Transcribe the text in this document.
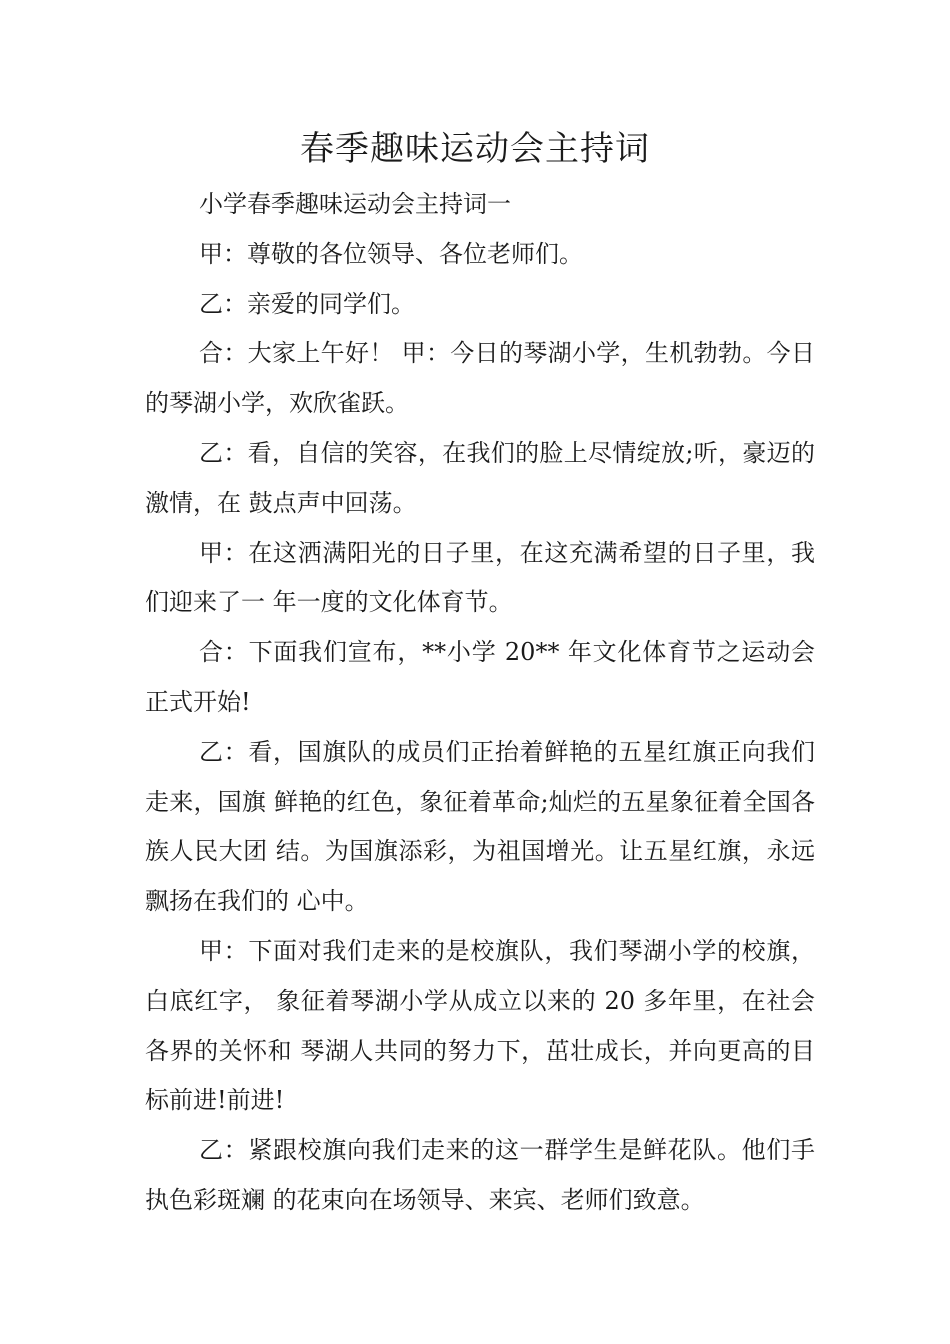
春季趣味运动会主持词

小学春季趣味运动会主持词一

甲：尊敬的各位领导、各位老师们。

乙：亲爱的同学们。

合：大家上午好！ 甲：今日的琴湖小学，生机勃勃。今日的琴湖小学，欢欣雀跃。

乙：看，自信的笑容，在我们的脸上尽情绽放;听，豪迈的激情，在 鼓点声中回荡。

甲：在这洒满阳光的日子里，在这充满希望的日子里，我们迎来了一 年一度的文化体育节。

合：下面我们宣布，**小学 20** 年文化体育节之运动会正式开始!

乙：看，国旗队的成员们正抬着鲜艳的五星红旗正向我们走来，国旗 鲜艳的红色，象征着革命;灿烂的五星象征着全国各族人民大团 结。为国旗添彩，为祖国增光。让五星红旗，永远飘扬在我们的 心中。

甲：下面对我们走来的是校旗队，我们琴湖小学的校旗，白底红字， 象征着琴湖小学从成立以来的 20 多年里，在社会各界的关怀和 琴湖人共同的努力下，茁壮成长，并向更高的目标前进!前进!

乙：紧跟校旗向我们走来的这一群学生是鲜花队。他们手执色彩斑斓 的花束向在场领导、来宾、老师们致意。
